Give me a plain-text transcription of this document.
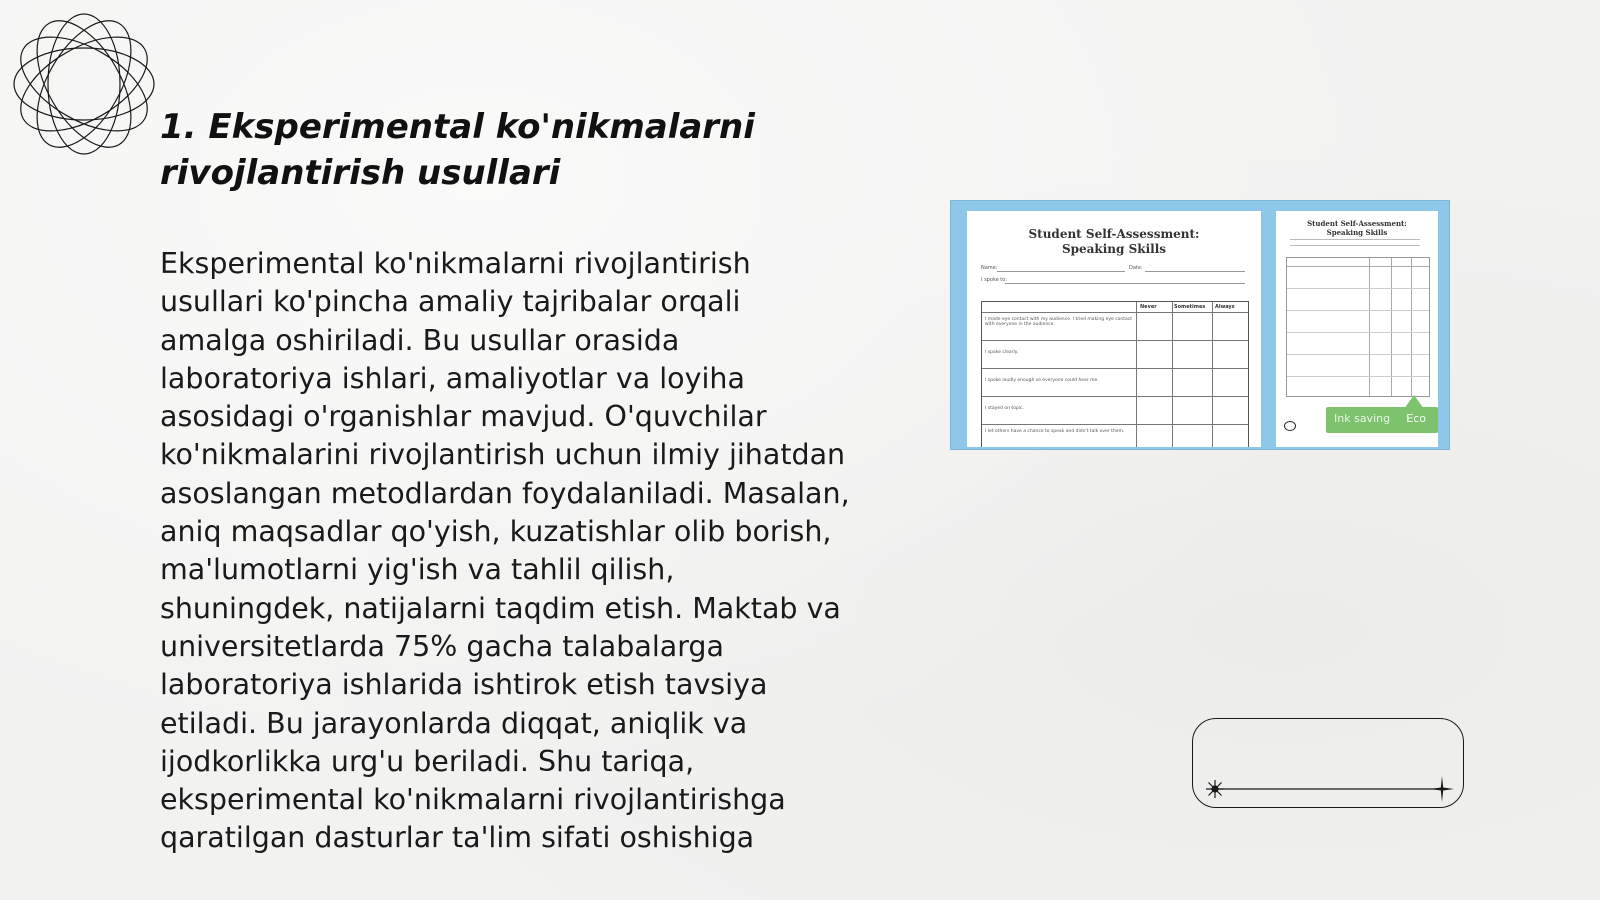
1. Eksperimental ko'nikmalarni rivojlantirish usullari

Eksperimental ko'nikmalarni rivojlantirish usullari ko'pincha amaliy tajribalar orqali amalga oshiriladi. Bu usullar orasida laboratoriya ishlari, amaliyotlar va loyiha asosidagi o'rganishlar mavjud. O'quvchilar ko'nikmalarini rivojlantirish uchun ilmiy jihatdan asoslangan metodlardan foydalaniladi. Masalan, aniq maqsadlar qo'yish, kuzatishlar olib borish, ma'lumotlarni yig'ish va tahlil qilish, shuningdek, natijalarni taqdim etish. Maktab va universitetlarda 75% gacha talabalarga laboratoriya ishlarida ishtirok etish tavsiya etiladi. Bu jarayonlarda diqqat, aniqlik va ijodkorlikka urg'u beriladi. Shu tariqa, eksperimental ko'nikmalarni rivojlantirishga qaratilgan dasturlar ta'lim sifati oshishiga

Student Self-Assessment:
Speaking Skills
Name:	Date:
I spoke to:
Never	Sometimes Always
I made eye contact with my audience. I tried making eye contact with everyone in the audience.
I spoke clearly.
I spoke loudly enough so everyone could hear me.
I stayed on topic.
I let others have a chance to speak and didn't talk over them.
Student Self-Assessment:
Speaking Skills
Ink saving Eco
